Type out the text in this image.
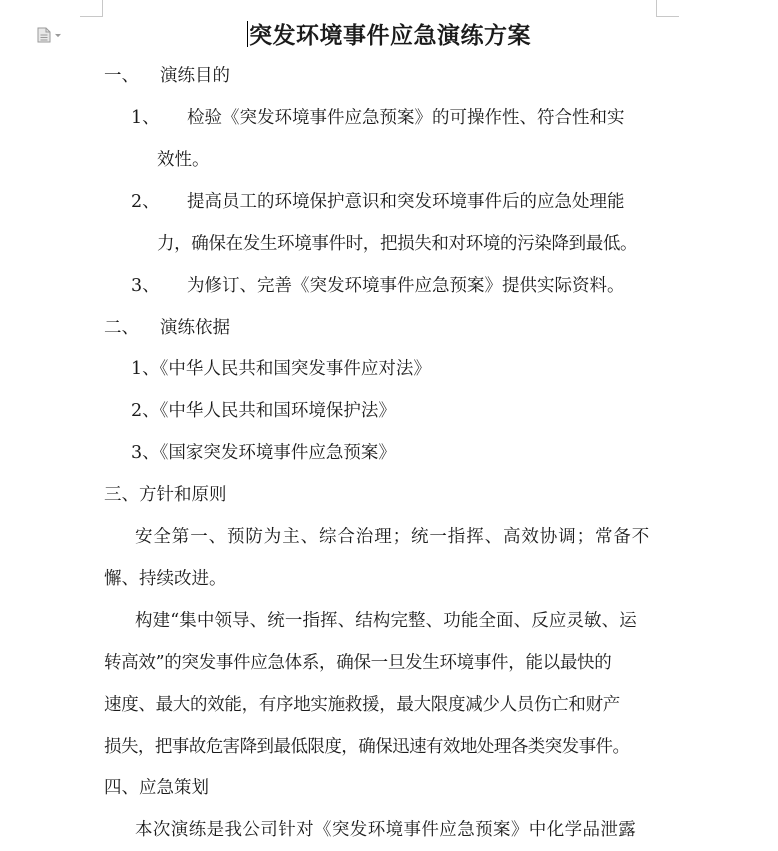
突发环境事件应急演练方案
一、 演练目的
1、 检验《突发环境事件应急预案》的可操作性、符合性和实
效性。
2、 提高员工的环境保护意识和突发环境事件后的应急处理能
力，确保在发生环境事件时，把损失和对环境的污染降到最低。
3、 为修订、完善《突发环境事件应急预案》提供实际资料。
二、 演练依据
1、《中华人民共和国突发事件应对法》
2、《中华人民共和国环境保护法》
3、《国家突发环境事件应急预案》
三、方针和原则
安全第一、预防为主、综合治理；统一指挥、高效协调；常备不
懈、持续改进。
构建“集中领导、统一指挥、结构完整、功能全面、反应灵敏、运
转高效”的突发事件应急体系，确保一旦发生环境事件，能以最快的
速度、最大的效能，有序地实施救援，最大限度减少人员伤亡和财产
损失，把事故危害降到最低限度，确保迅速有效地处理各类突发事件。
四、应急策划
本次演练是我公司针对《突发环境事件应急预案》中化学品泄露
